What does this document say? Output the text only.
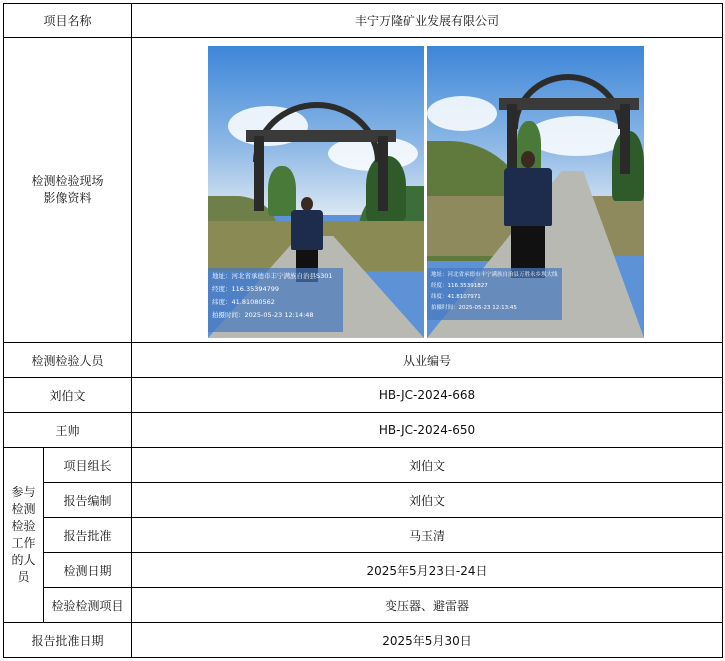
项目名称	丰宁万隆矿业发展有限公司
检测检验现场影像资料
地址：河北省承德市丰宁满族自治县S301
经度：116.35394799
纬度：41.81080562
拍摄时间：2025-05-23 12:14:48
地址：河北省承德市丰宁满族自治县万胜永乡坝大线
经度：116.35391827
纬度：41.8107971
拍摄时间：2025-05-23 12:13:45
检测检验人员	从业编号
刘伯文	HB-JC-2024-668
王帅	HB-JC-2024-650
参与检测检验工作的人员
项目组长	刘伯文
报告编制	刘伯文
报告批准	马玉清
检测日期	2025年5月23日-24日
检验检测项目	变压器、避雷器
报告批准日期	2025年5月30日
